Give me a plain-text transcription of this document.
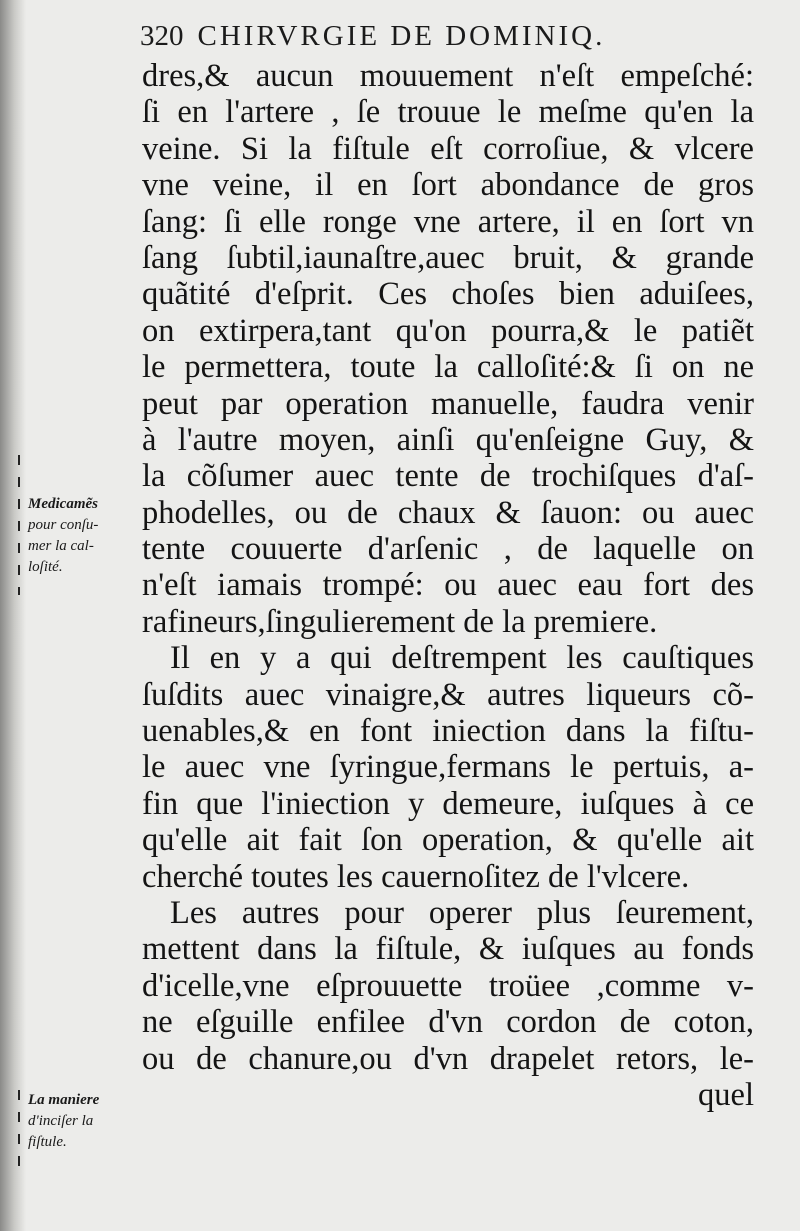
320 CHIRVRGIE DE DOMINIQ.
dres,& aucun mouuement n'eſt empeſché:
ſi en l'artere , ſe trouue le meſme qu'en la
veine. Si la fiſtule eſt corroſiue, & vlcere
vne veine, il en ſort abondance de gros
ſang: ſi elle ronge vne artere, il en ſort vn
ſang ſubtil,iaunaſtre,auec bruit, & grande
quãtité d'eſprit. Ces choſes bien aduiſees,
on extirpera,tant qu'on pourra,& le patiẽt
le permettera, toute la calloſité:& ſi on ne
peut par operation manuelle, faudra venir
à l'autre moyen, ainſi qu'enſeigne Guy, &
la cõſumer auec tente de trochiſques d'aſ-
phodelles, ou de chaux & ſauon: ou auec
tente couuerte d'arſenic , de laquelle on
n'eſt iamais trompé: ou auec eau fort des
rafineurs,ſingulierement de la premiere.
Il en y a qui deſtrempent les cauſtiques
ſuſdits auec vinaigre,& autres liqueurs cõ-
uenables,& en font iniection dans la fiſtu-
le auec vne ſyringue,fermans le pertuis, a-
fin que l'iniection y demeure, iuſques à ce
qu'elle ait fait ſon operation, & qu'elle ait
cherché toutes les cauernoſitez de l'vlcere.
Les autres pour operer plus ſeurement,
mettent dans la fiſtule, & iuſques au fonds
d'icelle,vne eſprouuette troüee ,comme v-
ne eſguille enfilee d'vn cordon de coton,
ou de chanure,ou d'vn drapelet retors, le-
quel
Medicamẽs
pour conſu-
mer la cal-
loſité.
La maniere
d'inciſer la
fiſtule.
